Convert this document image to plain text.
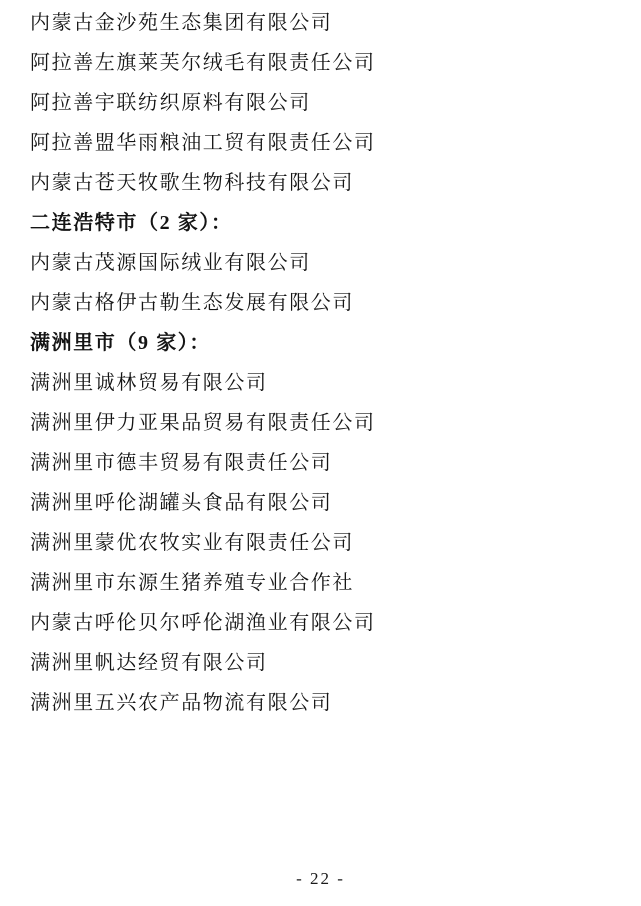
内蒙古金沙苑生态集团有限公司
阿拉善左旗莱芙尔绒毛有限责任公司
阿拉善宇联纺织原料有限公司
阿拉善盟华雨粮油工贸有限责任公司
内蒙古苍天牧歌生物科技有限公司
二连浩特市（2 家）：
内蒙古茂源国际绒业有限公司
内蒙古格伊古勒生态发展有限公司
满洲里市（9 家）：
满洲里诚林贸易有限公司
满洲里伊力亚果品贸易有限责任公司
满洲里市德丰贸易有限责任公司
满洲里呼伦湖罐头食品有限公司
满洲里蒙优农牧实业有限责任公司
满洲里市东源生猪养殖专业合作社
内蒙古呼伦贝尔呼伦湖渔业有限公司
满洲里帆达经贸有限公司
满洲里五兴农产品物流有限公司
- 22 -
